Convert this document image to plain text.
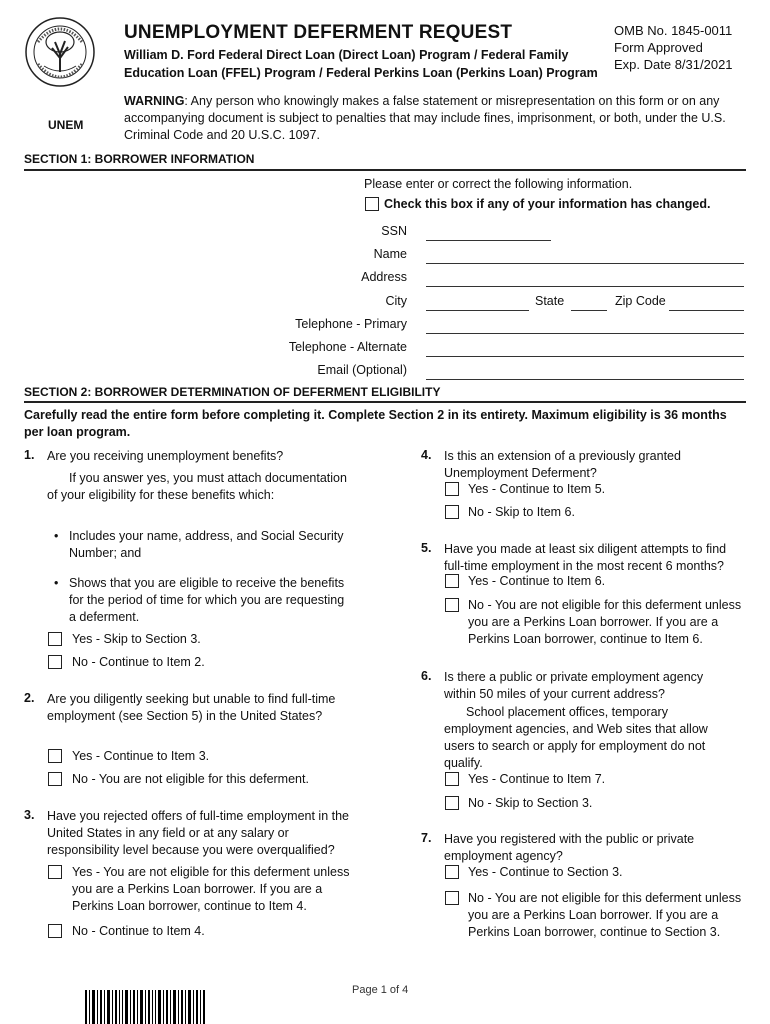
UNEM
UNEMPLOYMENT DEFERMENT REQUEST
William D. Ford Federal Direct Loan (Direct Loan) Program / Federal Family Education Loan (FFEL) Program / Federal Perkins Loan (Perkins Loan) Program
OMB No. 1845-0011
Form Approved
Exp. Date 8/31/2021
WARNING: Any person who knowingly makes a false statement or misrepresentation on this form or on any accompanying document is subject to penalties that may include fines, imprisonment, or both, under the U.S. Criminal Code and 20 U.S.C. 1097.
SECTION 1: BORROWER INFORMATION
Please enter or correct the following information.
Check this box if any of your information has changed.
SSN
Name
Address
City	State	Zip Code
Telephone - Primary
Telephone - Alternate
Email (Optional)
SECTION 2: BORROWER DETERMINATION OF DEFERMENT ELIGIBILITY
Carefully read the entire form before completing it. Complete Section 2 in its entirety. Maximum eligibility is 36 months per loan program.
1. Are you receiving unemployment benefits?
If you answer yes, you must attach documentation of your eligibility for these benefits which:
• Includes your name, address, and Social Security Number; and
• Shows that you are eligible to receive the benefits for the period of time for which you are requesting a deferment.
Yes - Skip to Section 3.
No - Continue to Item 2.
2. Are you diligently seeking but unable to find full-time employment (see Section 5) in the United States?
Yes - Continue to Item 3.
No - You are not eligible for this deferment.
3. Have you rejected offers of full-time employment in the United States in any field or at any salary or responsibility level because you were overqualified?
Yes - You are not eligible for this deferment unless you are a Perkins Loan borrower. If you are a Perkins Loan borrower, continue to Item 4.
No - Continue to Item 4.
4. Is this an extension of a previously granted Unemployment Deferment?
Yes - Continue to Item 5.
No - Skip to Item 6.
5. Have you made at least six diligent attempts to find full-time employment in the most recent 6 months?
Yes - Continue to Item 6.
No - You are not eligible for this deferment unless you are a Perkins Loan borrower. If you are a Perkins Loan borrower, continue to Item 6.
6. Is there a public or private employment agency within 50 miles of your current address?
School placement offices, temporary employment agencies, and Web sites that allow users to search or apply for employment do not qualify.
Yes - Continue to Item 7.
No - Skip to Section 3.
7. Have you registered with the public or private employment agency?
Yes - Continue to Section 3.
No - You are not eligible for this deferment unless you are a Perkins Loan borrower. If you are a Perkins Loan borrower, continue to Section 3.
Page 1 of 4
